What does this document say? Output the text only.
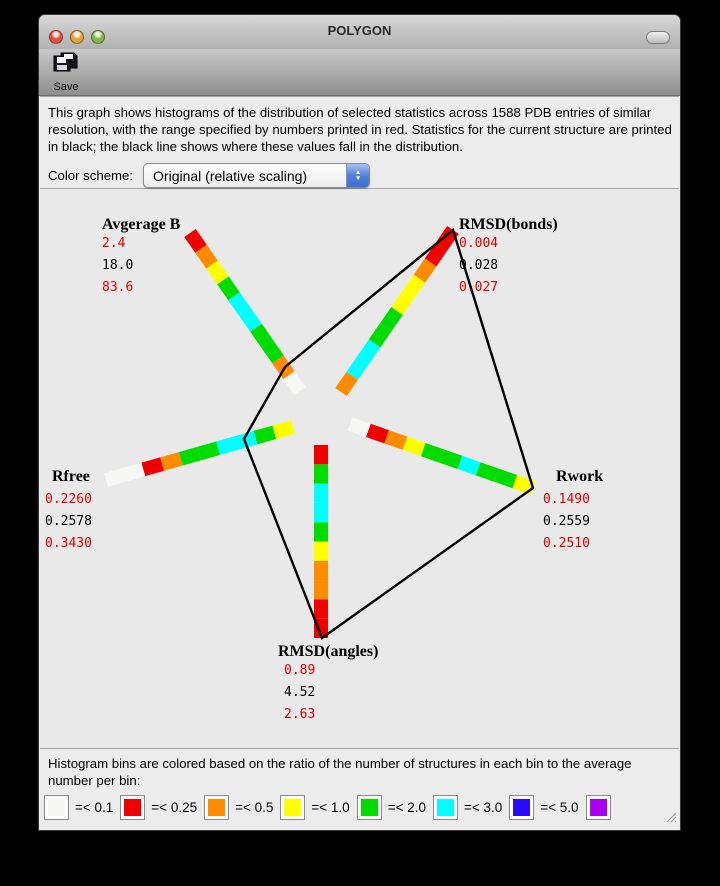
POLYGON
Save
This graph shows histograms of the distribution of selected statistics across 1588 PDB entries of similar resolution, with the range specified by numbers printed in red. Statistics for the current structure are printed in black; the black line shows where these values fall in the distribution.
Color scheme:	Original (relative scaling)	▲
▼
Avgerage B
2.4
18.0
83.6
RMSD(bonds)
0.004
0.028
0.027
Rwork
0.1490
0.2559
0.2510
RMSD(angles)
0.89
4.52
2.63
Rfree
0.2260
0.2578
0.3430
Histogram bins are colored based on the ratio of the number of structures in each bin to the average number per bin:
=< 0.1	=< 0.25	=< 0.5	=< 1.0	=< 2.0	=< 3.0	=< 5.0
